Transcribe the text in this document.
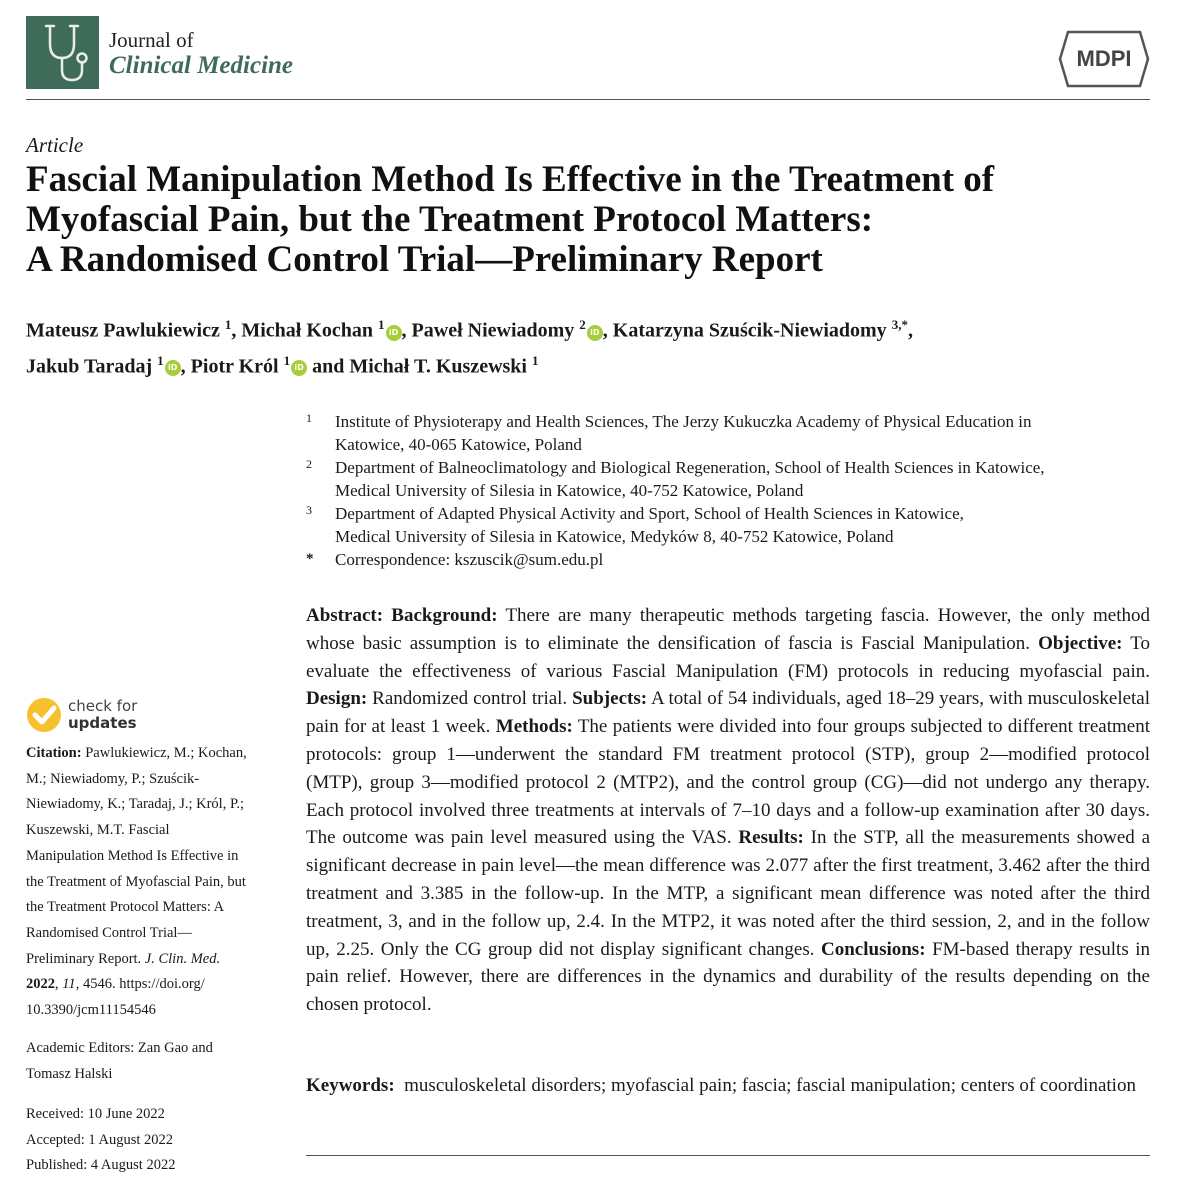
Journal of
Clinical Medicine	MDPI
Article
Fascial Manipulation Method Is Effective in the Treatment of
Myofascial Pain, but the Treatment Protocol Matters:
A Randomised Control Trial—Preliminary Report
Mateusz Pawlukiewicz $^1$, Michał Kochan $^1$iD , Paweł Niewiadomy $^2$iD , Katarzyna Szuścik-Niewiadomy $^{3,*}$,
Jakub Taradaj $^1$iD , Piotr Król $^1$iD and Michał T. Kuszewski $^1$
1 Institute of Physioterapy and Health Sciences, The Jerzy Kukuczka Academy of Physical Education in
Katowice, 40-065 Katowice, Poland
2 Department of Balneoclimatology and Biological Regeneration, School of Health Sciences in Katowice,
Medical University of Silesia in Katowice, 40-752 Katowice, Poland
3 Department of Adapted Physical Activity and Sport, School of Health Sciences in Katowice,
Medical University of Silesia in Katowice, Medyków 8, 40-752 Katowice, Poland
* Correspondence: kszuscik@sum.edu.pl
Abstract: Background: There are many therapeutic methods targeting fascia. However, the only method whose basic assumption is to eliminate the densification of fascia is Fascial Manipulation. Objective: To evaluate the effectiveness of various Fascial Manipulation (FM) protocols in reducing myofascial pain. Design: Randomized control trial. Subjects: A total of 54 individuals, aged 18–29 years, with musculoskeletal pain for at least 1 week. Methods: The patients were divided into four groups subjected to different treatment protocols: group 1—underwent the standard FM treatment protocol (STP), group 2—modified protocol (MTP), group 3—modified protocol 2 (MTP2), and the control group (CG)—did not undergo any therapy. Each protocol involved three treatments at intervals of 7–10 days and a follow-up examination after 30 days. The outcome was pain level measured using the VAS. Results: In the STP, all the measurements showed a significant decrease in pain level—the mean difference was 2.077 after the first treatment, 3.462 after the third treatment and 3.385 in the follow-up. In the MTP, a significant mean difference was noted after the third treatment, 3, and in the follow up, 2.4. In the MTP2, it was noted after the third session, 2, and in the follow up, 2.25. Only the CG group did not display significant changes. Conclusions: FM-based therapy results in pain relief. However, there are differences in the dynamics and durability of the results depending on the chosen protocol.
Keywords: musculoskeletal disorders; myofascial pain; fascia; fascial manipulation; centers of coordination
check for
updates
Citation: Pawlukiewicz, M.; Kochan,
M.; Niewiadomy, P.; Szuścik-
Niewiadomy, K.; Taradaj, J.; Król, P.;
Kuszewski, M.T. Fascial
Manipulation Method Is Effective in
the Treatment of Myofascial Pain, but
the Treatment Protocol Matters: A
Randomised Control Trial—
Preliminary Report. J. Clin. Med.
2022, 11, 4546. https://doi.org/
10.3390/jcm11154546
Academic Editors: Zan Gao and
Tomasz Halski
Received: 10 June 2022
Accepted: 1 August 2022
Published: 4 August 2022
